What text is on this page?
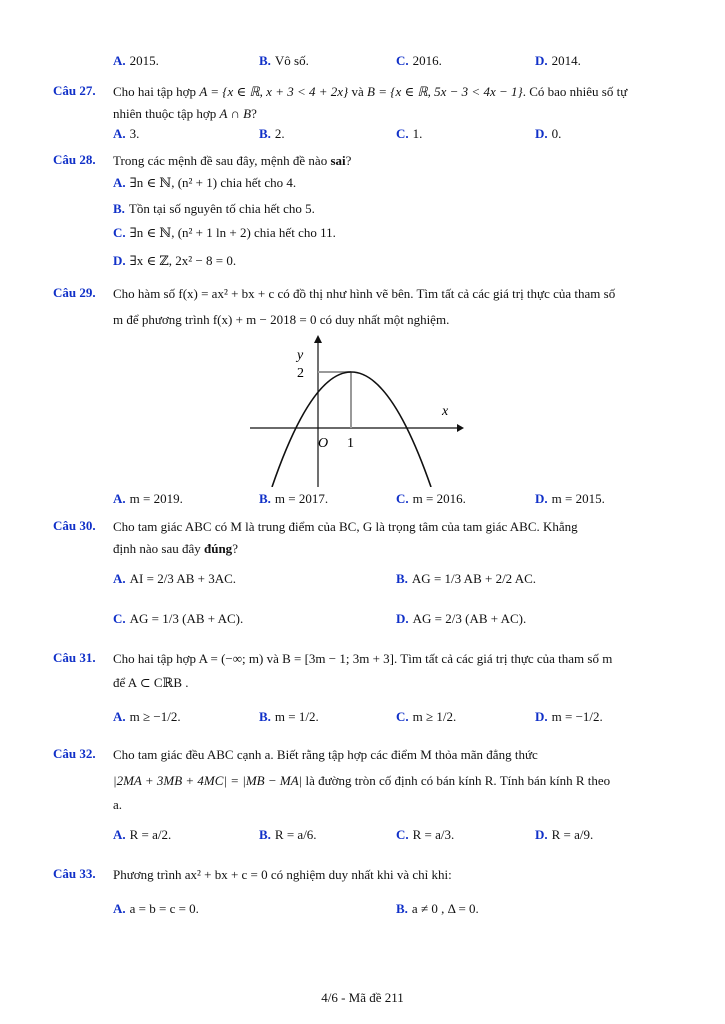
A. 2015.	B. Vô số.	C. 2016.	D. 2014.
Câu 27. Cho hai tập hợp A = {x ∈ ℝ, x + 3 < 4 + 2x} và B = {x ∈ ℝ, 5x − 3 < 4x − 1}. Có bao nhiêu số tự
nhiên thuộc tập hợp A ∩ B?
A. 3.	B. 2.	C. 1.	D. 0.
Câu 28. Trong các mệnh đề sau đây, mệnh đề nào sai?
A. ∃n ∈ ℕ, (n² + 1) chia hết cho 4.
B. Tồn tại số nguyên tố chia hết cho 5.
C. ∃n ∈ ℕ, (n² + 1 ln + 2) chia hết cho 11.
D. ∃x ∈ ℤ, 2x² − 8 = 0.
Câu 29. Cho hàm số f(x) = ax² + bx + c có đồ thị như hình vẽ bên. Tìm tất cả các giá trị thực của tham số
m để phương trình f(x) + m − 2018 = 0 có duy nhất một nghiệm.
y
x
O 1
2
A. m = 2019.	B. m = 2017.	C. m = 2016.	D. m = 2015.
Câu 30. Cho tam giác ABC có M là trung điểm của BC, G là trọng tâm của tam giác ABC. Khẳng
định nào sau đây đúng?
A. AI = 2/3 AB + 3AC.	B. AG = 1/3 AB + 2/2 AC.
C. AG = 1/3 (AB + AC).	D. AG = 2/3 (AB + AC).
Câu 31. Cho hai tập hợp A = (−∞; m) và B = [3m − 1; 3m + 3]. Tìm tất cả các giá trị thực của tham số m
để A ⊂ CℝB .
A. m ≥ −1/2.	B. m = 1/2.	C. m ≥ 1/2.	D. m = −1/2.
Câu 32. Cho tam giác đều ABC cạnh a. Biết rằng tập hợp các điểm M thỏa mãn đẳng thức
|2MA + 3MB + 4MC| = |MB − MA| là đường tròn cố định có bán kính R. Tính bán kính R theo
a.
A. R = a/2.	B. R = a/6.	C. R = a/3.	D. R = a/9.
Câu 33. Phương trình ax² + bx + c = 0 có nghiệm duy nhất khi và chỉ khi:
A. a = b = c = 0.	B. a ≠ 0 , Δ = 0.
4/6 - Mã đề 211
